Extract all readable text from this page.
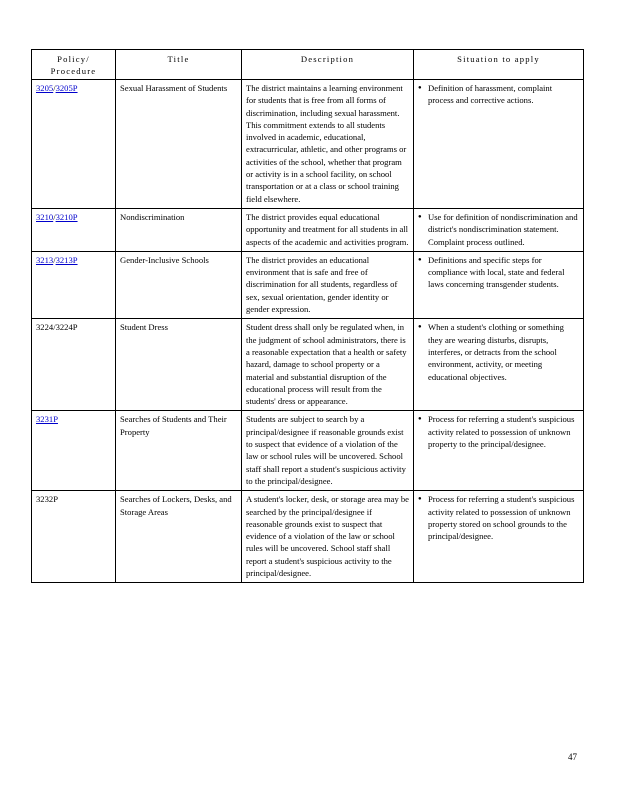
Policy/ Procedure	Title	Description	Situation to apply
3205/3205P	Sexual Harassment of Students	The district maintains a learning environment for students that is free from all forms of discrimination, including sexual harassment. This commitment extends to all students involved in academic, educational, extracurricular, athletic, and other programs or activities of the school, whether that program or activity is in a school facility, on school transportation or at a class or school training field elsewhere.	● Definition of harassment, complaint process and corrective actions.

3210/3210P	Nondiscrimination	The district provides equal educational opportunity and treatment for all students in all aspects of the academic and activities program.	● Use for definition of nondiscrimination and district's nondiscrimination statement. Complaint process outlined.

3213/3213P	Gender-Inclusive Schools	The district provides an educational environment that is safe and free of discrimination for all students, regardless of sex, sexual orientation, gender identity or gender expression.	● Definitions and specific steps for compliance with local, state and federal laws concerning transgender students.

3224/3224P	Student Dress	Student dress shall only be regulated when, in the judgment of school administrators, there is a reasonable expectation that a health or safety hazard, damage to school property or a material and substantial disruption of the educational process will result from the students' dress or appearance.	● When a student's clothing or something they are wearing disturbs, disrupts, interferes, or detracts from the school environment, activity, or meeting educational objectives.

3231P	Searches of Students and Their Property	Students are subject to search by a principal/designee if reasonable grounds exist to suspect that evidence of a violation of the law or school rules will be uncovered. School staff shall report a student's suspicious activity to the principal/designee.	● Process for referring a student's suspicious activity related to possession of unknown property to the principal/designee.

3232P	Searches of Lockers, Desks, and Storage Areas	A student's locker, desk, or storage area may be searched by the principal/designee if reasonable grounds exist to suspect that evidence of a violation of the law or school rules will be uncovered. School staff shall report a student's suspicious activity to the principal/designee.	● Process for referring a student's suspicious activity related to possession of unknown property stored on school grounds to the principal/designee.
47
